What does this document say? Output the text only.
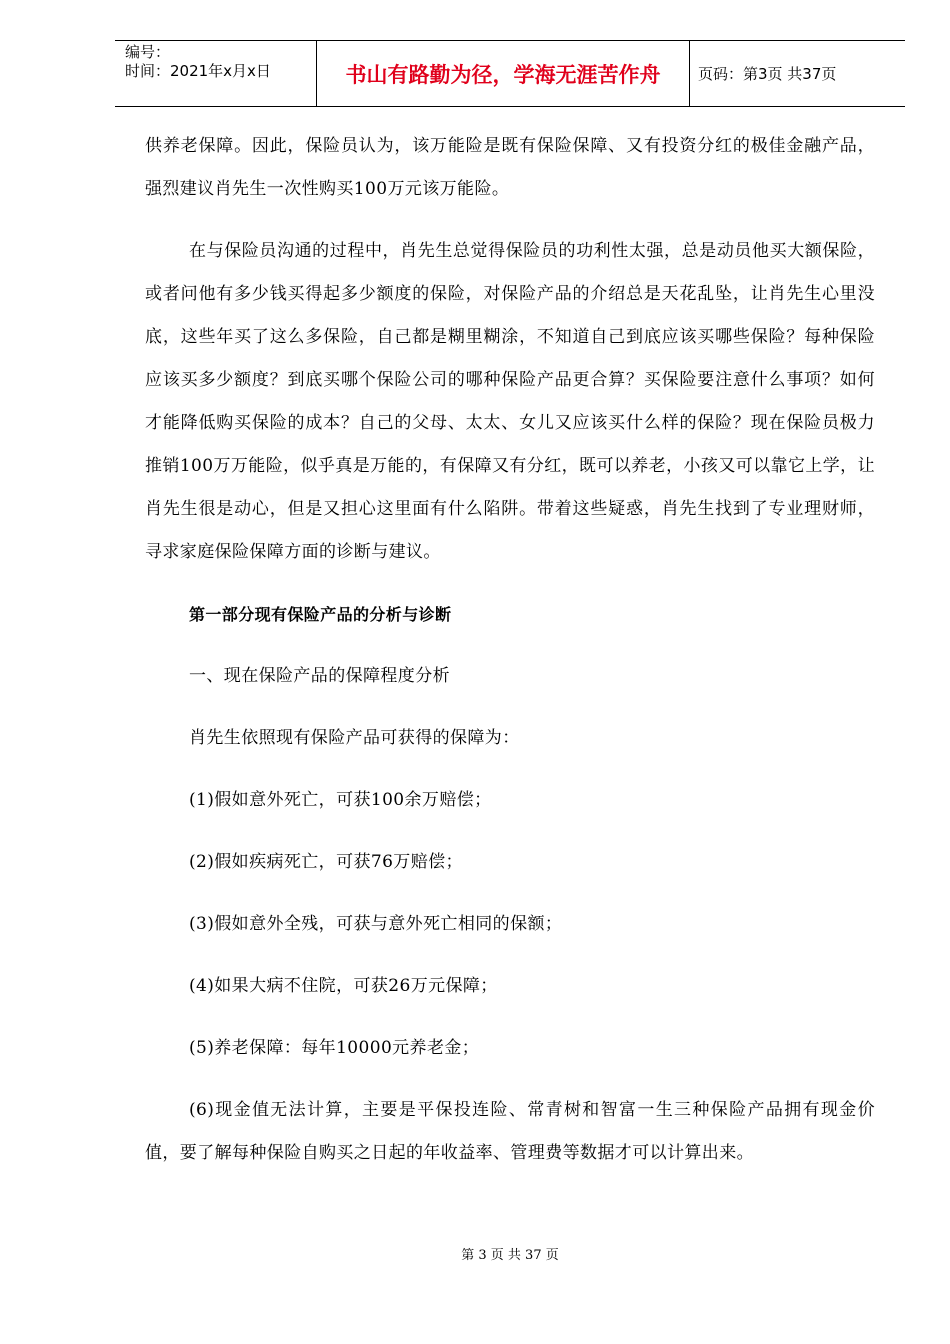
编号：
时间：2021年x月x日	书山有路勤为径，学海无涯苦作舟	页码：第3页 共37页

供养老保障。因此，保险员认为，该万能险是既有保险保障、又有投资分红的极佳金融产品，强烈建议肖先生一次性购买100万元该万能险。

在与保险员沟通的过程中，肖先生总觉得保险员的功利性太强，总是动员他买大额保险，或者问他有多少钱买得起多少额度的保险，对保险产品的介绍总是天花乱坠，让肖先生心里没底，这些年买了这么多保险，自己都是糊里糊涂，不知道自己到底应该买哪些保险？每种保险应该买多少额度？到底买哪个保险公司的哪种保险产品更合算？买保险要注意什么事项？如何才能降低购买保险的成本？自己的父母、太太、女儿又应该买什么样的保险？现在保险员极力推销100万万能险，似乎真是万能的，有保障又有分红，既可以养老，小孩又可以靠它上学，让肖先生很是动心，但是又担心这里面有什么陷阱。带着这些疑惑，肖先生找到了专业理财师，寻求家庭保险保障方面的诊断与建议。

第一部分现有保险产品的分析与诊断

一、现在保险产品的保障程度分析

肖先生依照现有保险产品可获得的保障为：

(1)假如意外死亡，可获100余万赔偿；

(2)假如疾病死亡，可获76万赔偿；

(3)假如意外全残，可获与意外死亡相同的保额；

(4)如果大病不住院，可获26万元保障；

(5)养老保障：每年10000元养老金；

(6)现金值无法计算，主要是平保投连险、常青树和智富一生三种保险产品拥有现金价值，要了解每种保险自购买之日起的年收益率、管理费等数据才可以计算出来。

第 3 页 共 37 页
